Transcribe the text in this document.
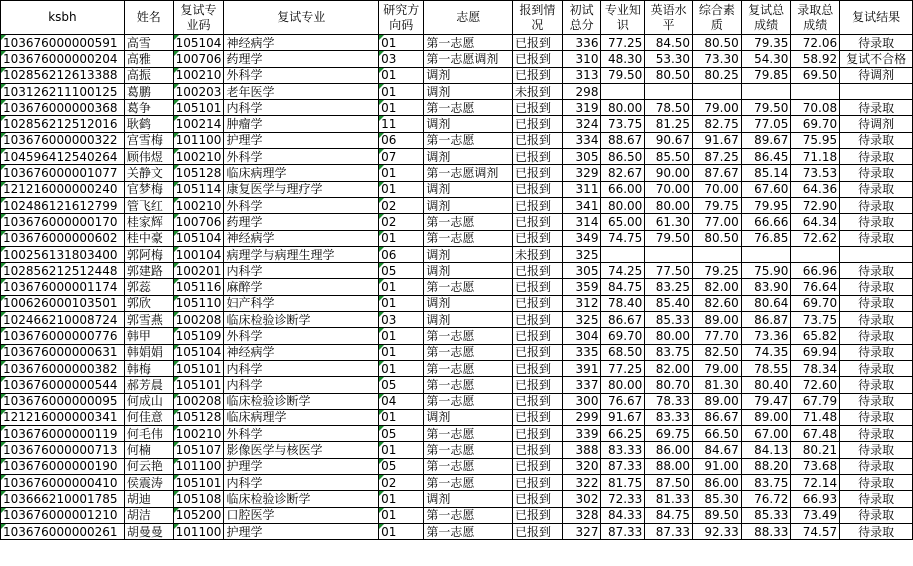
ksbh	姓名	复试专业码	复试专业	研究方向码	志愿	报到情况	初试总分	专业知识	英语水平	综合素质	复试总成绩	录取总成绩	复试结果
103676000000591	高雪	105104	神经病学	01	第一志愿	已报到	336	77.25	84.50	80.50	79.35	72.06	待录取
103676000000204	高雅	100706	药理学	03	第一志愿调剂	已报到	310	48.30	53.30	73.30	54.30	58.92	复试不合格
102856212613388	高振	100210	外科学	01	调剂	已报到	313	79.50	80.50	80.25	79.85	69.50	待调剂
103126211100125	葛鹏	100203	老年医学	01	调剂	未报到	298						
103676000000368	葛争	105101	内科学	01	第一志愿	已报到	319	80.00	78.50	79.00	79.50	70.08	待录取
102856212512016	耿鹤	100214	肿瘤学	11	调剂	已报到	324	73.75	81.25	82.75	77.05	69.70	待调剂
103676000000322	宫雪梅	101100	护理学	06	第一志愿	已报到	334	88.67	90.67	91.67	89.67	75.95	待录取
104596412540264	顾伟煜	100210	外科学	07	调剂	已报到	305	86.50	85.50	87.25	86.45	71.18	待录取
103676000001077	关静文	105128	临床病理学	01	第一志愿调剂	已报到	329	82.67	90.00	87.67	85.14	73.53	待录取
121216000000240	官梦梅	105114	康复医学与理疗学	01	调剂	已报到	311	66.00	70.00	70.00	67.60	64.36	待录取
102486121612799	管飞红	100210	外科学	02	调剂	已报到	341	80.00	80.00	79.75	79.95	72.90	待录取
103676000000170	桂家辉	100706	药理学	02	第一志愿	已报到	314	65.00	61.30	77.00	66.66	64.34	待录取
103676000000602	桂中豪	105104	神经病学	01	第一志愿	已报到	349	74.75	79.50	80.50	76.85	72.62	待录取
100256131803400	郭阿梅	100104	病理学与病理生理学	06	调剂	未报到	325						
102856212512448	郭建路	100201	内科学	05	调剂	已报到	305	74.25	77.50	79.25	75.90	66.96	待录取
103676000001174	郭蕊	105116	麻醉学	01	第一志愿	已报到	359	84.75	83.25	82.00	83.90	76.64	待录取
100626000103501	郭欣	105110	妇产科学	01	调剂	已报到	312	78.40	85.40	82.60	80.64	69.70	待录取
102466210008724	郭雪燕	100208	临床检验诊断学	03	调剂	已报到	325	86.67	85.33	89.00	86.87	73.75	待录取
103676000000776	韩甲	105109	外科学	01	第一志愿	已报到	304	69.70	80.00	77.70	73.36	65.82	待录取
103676000000631	韩娟娟	105104	神经病学	01	第一志愿	已报到	335	68.50	83.75	82.50	74.35	69.94	待录取
103676000000382	韩梅	105101	内科学	01	第一志愿	已报到	391	77.25	82.00	79.00	78.55	78.34	待录取
103676000000544	郝芳晨	105101	内科学	05	第一志愿	已报到	337	80.00	80.70	81.30	80.40	72.60	待录取
103676000000095	何成山	100208	临床检验诊断学	04	第一志愿	已报到	300	76.67	78.33	89.00	79.47	67.79	待录取
121216000000341	何佳意	105128	临床病理学	01	调剂	已报到	299	91.67	83.33	86.67	89.00	71.48	待录取
103676000000119	何毛伟	100210	外科学	05	第一志愿	已报到	339	66.25	69.75	66.50	67.00	67.48	待录取
103676000000713	何楠	105107	影像医学与核医学	01	第一志愿	已报到	388	83.33	86.00	84.67	84.13	80.21	待录取
103676000000190	何云艳	101100	护理学	05	第一志愿	已报到	320	87.33	88.00	91.00	88.20	73.68	待录取
103676000000410	侯震涛	105101	内科学	02	第一志愿	已报到	322	81.75	87.50	86.00	83.75	72.14	待录取
103666210001785	胡迪	105108	临床检验诊断学	01	调剂	已报到	302	72.33	81.33	85.30	76.72	66.93	待录取
103676000001210	胡洁	105200	口腔医学	01	第一志愿	已报到	328	84.33	84.75	89.50	85.33	73.49	待录取
103676000000261	胡曼曼	101100	护理学	01	第一志愿	已报到	327	87.33	87.33	92.33	88.33	74.57	待录取
